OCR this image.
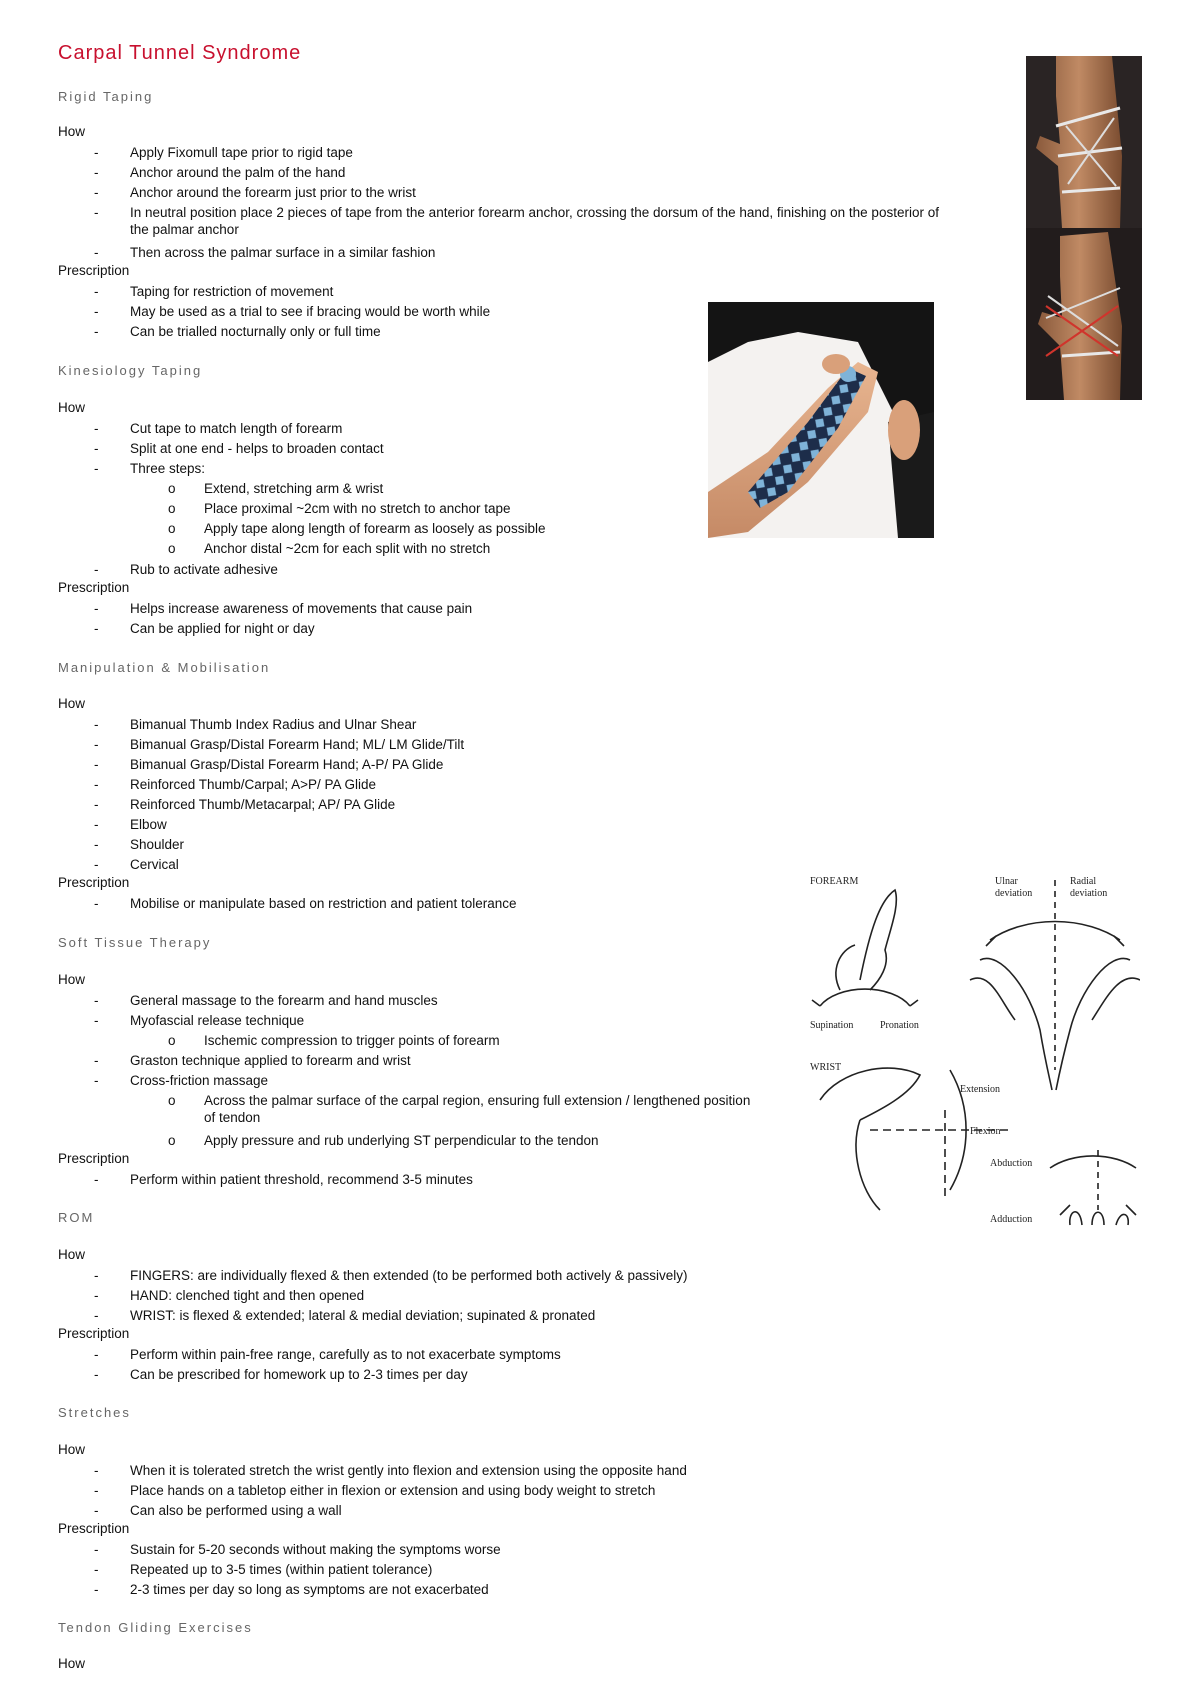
Carpal Tunnel Syndrome
Rigid Taping
How
- Apply Fixomull tape prior to rigid tape
- Anchor around the palm of the hand
- Anchor around the forearm just prior to the wrist
- In neutral position place 2 pieces of tape from the anterior forearm anchor, crossing the dorsum of the hand, finishing on the posterior of the palmar anchor
- Then across the palmar surface in a similar fashion
Prescription
- Taping for restriction of movement
- May be used as a trial to see if bracing would be worth while
- Can be trialled nocturnally only or full time
Kinesiology Taping
How
- Cut tape to match length of forearm
- Split at one end - helps to broaden contact
- Three steps:
o Extend, stretching arm & wrist
o Place proximal ~2cm with no stretch to anchor tape
o Apply tape along length of forearm as loosely as possible
o Anchor distal ~2cm for each split with no stretch
- Rub to activate adhesive
Prescription
- Helps increase awareness of movements that cause pain
- Can be applied for night or day
Manipulation & Mobilisation
How
- Bimanual Thumb Index Radius and Ulnar Shear
- Bimanual Grasp/Distal Forearm Hand; ML/ LM Glide/Tilt
- Bimanual Grasp/Distal Forearm Hand; A-P/ PA Glide
- Reinforced Thumb/Carpal; A>P/ PA Glide
- Reinforced Thumb/Metacarpal; AP/ PA Glide
- Elbow
- Shoulder
- Cervical
Prescription
- Mobilise or manipulate based on restriction and patient tolerance
Soft Tissue Therapy
How
- General massage to the forearm and hand muscles
- Myofascial release technique
o Ischemic compression to trigger points of forearm
- Graston technique applied to forearm and wrist
- Cross-friction massage
o Across the palmar surface of the carpal region, ensuring full extension / lengthened position of tendon
o Apply pressure and rub underlying ST perpendicular to the tendon
Prescription
- Perform within patient threshold, recommend 3-5 minutes
ROM
How
- FINGERS: are individually flexed & then extended (to be performed both actively & passively)
- HAND: clenched tight and then opened
- WRIST: is flexed & extended; lateral & medial deviation; supinated & pronated
Prescription
- Perform within pain-free range, carefully as to not exacerbate symptoms
- Can be prescribed for homework up to 2-3 times per day
Stretches
How
- When it is tolerated stretch the wrist gently into flexion and extension using the opposite hand
- Place hands on a tabletop either in flexion or extension and using body weight to stretch
- Can also be performed using a wall
Prescription
- Sustain for 5-20 seconds without making the symptoms worse
- Repeated up to 3-5 times (within patient tolerance)
- 2-3 times per day so long as symptoms are not exacerbated
Tendon Gliding Exercises
How
FOREARM
Supination	Pronation
Ulnar
deviation
Radial
deviation
WRIST
Extension
Flexion
Abduction
Adduction
